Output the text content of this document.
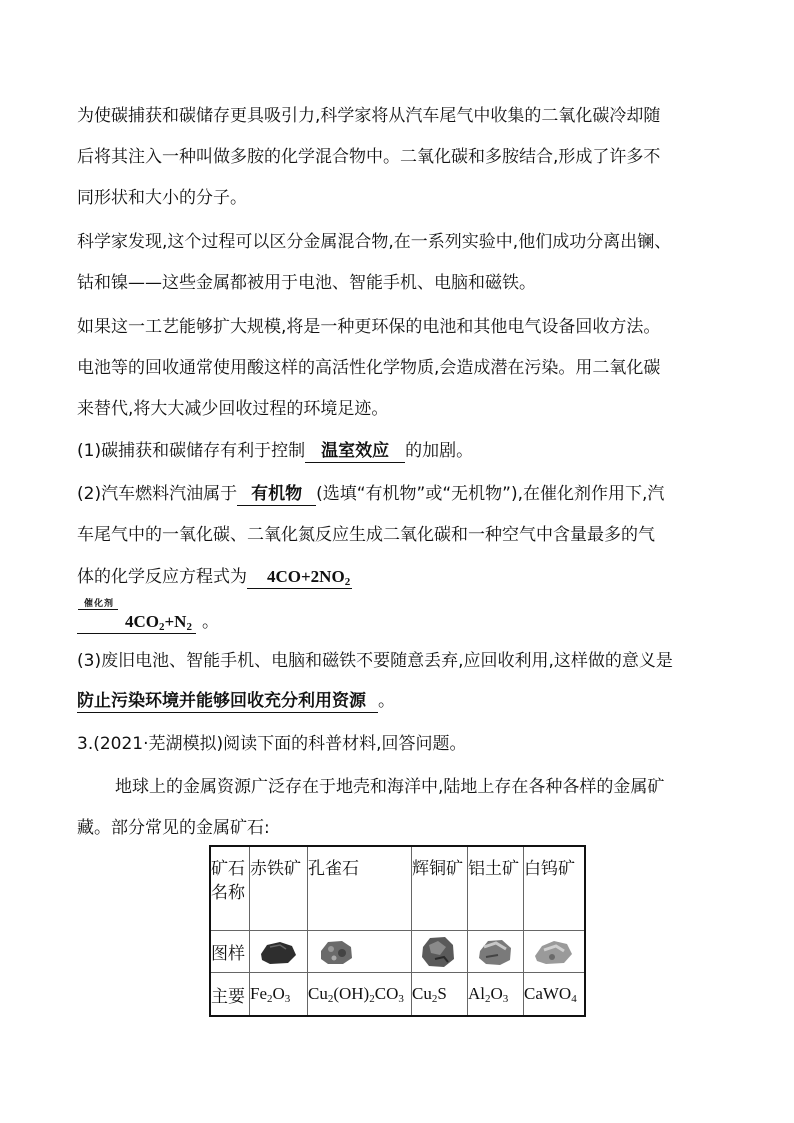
为使碳捕获和碳储存更具吸引力,科学家将从汽车尾气中收集的二氧化碳冷却随
后将其注入一种叫做多胺的化学混合物中。二氧化碳和多胺结合,形成了许多不
同形状和大小的分子。
科学家发现,这个过程可以区分金属混合物,在一系列实验中,他们成功分离出镧、
钴和镍——这些金属都被用于电池、智能手机、电脑和磁铁。
如果这一工艺能够扩大规模,将是一种更环保的电池和其他电气设备回收方法。
电池等的回收通常使用酸这样的高活性化学物质,会造成潜在污染。用二氧化碳
来替代,将大大减少回收过程的环境足迹。
(1)碳捕获和碳储存有利于控制 温室效应 的加剧。
(2)汽车燃料汽油属于 有机物 (选填“有机物”或“无机物”),在催化剂作用下,汽
车尾气中的一氧化碳、二氧化氮反应生成二氧化碳和一种空气中含量最多的气
体的化学反应方程式为 $4CO+2NO_2$
催化剂
$4CO_2+N_2$ 。
(3)废旧电池、智能手机、电脑和磁铁不要随意丢弃,应回收利用,这样做的意义是
防止污染环境并能够回收充分利用资源 。
3.(2021·芜湖模拟)阅读下面的科普材料,回答问题。
地球上的金属资源广泛存在于地壳和海洋中,陆地上存在各种各样的金属矿
藏。部分常见的金属矿石:
矿石名称	赤铁矿	孔雀石	辉铜矿	铝土矿	白钨矿
图样	

主要	$Fe_2O_3$	$Cu_2(OH)_2CO_3$	$Cu_2S$	$Al_2O_3$	CaWO$_4$
